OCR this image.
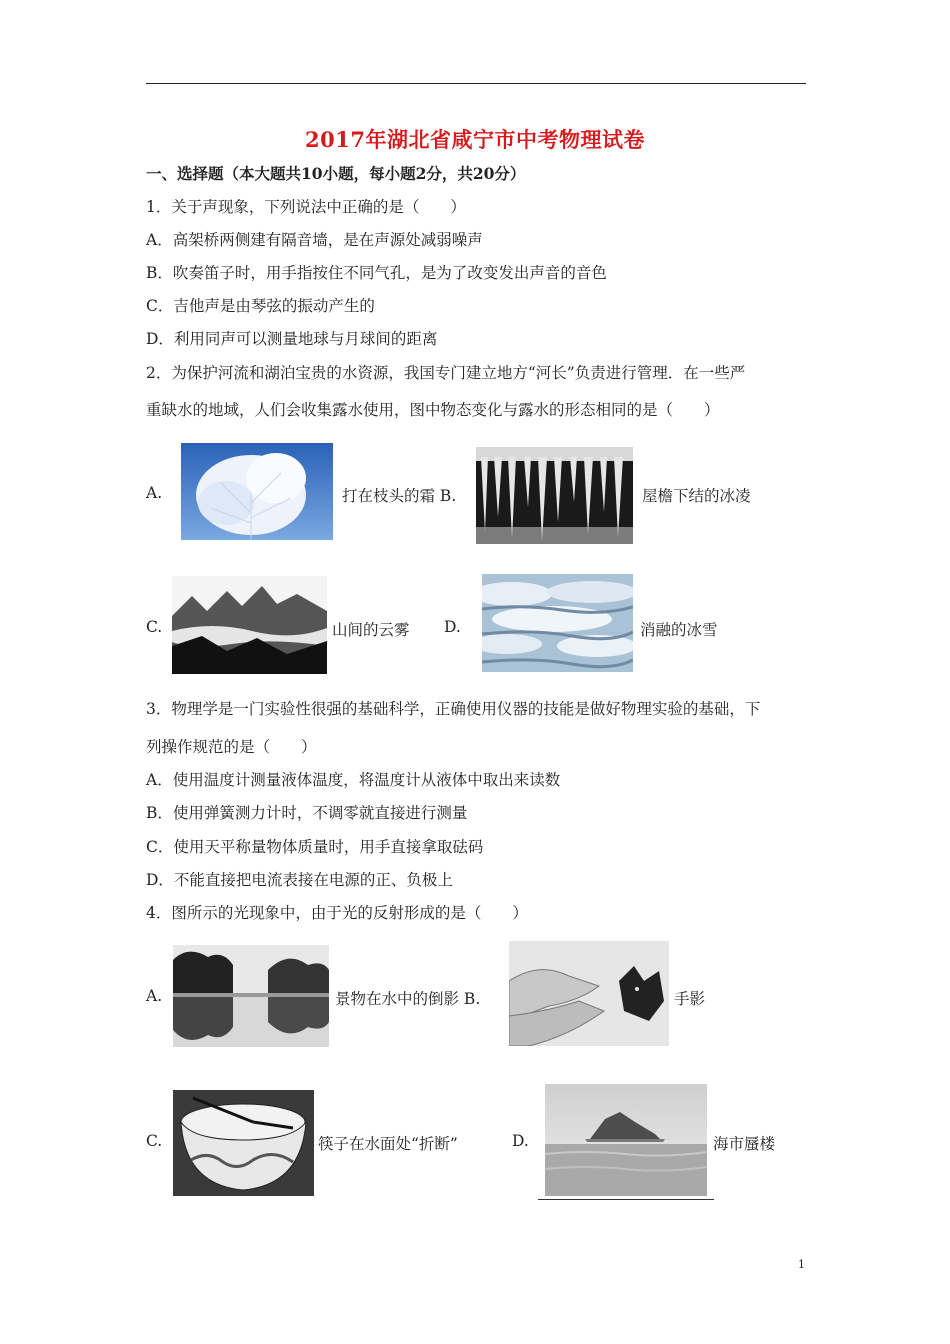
2017年湖北省咸宁市中考物理试卷
一、选择题（本大题共10小题，每小题2分，共20分）
1．关于声现象，下列说法中正确的是（　　）
A．高架桥两侧建有隔音墙，是在声源处减弱噪声
B．吹奏笛子时，用手指按住不同气孔，是为了改变发出声音的音色
C．吉他声是由琴弦的振动产生的
D．利用同声可以测量地球与月球间的距离
2．为保护河流和湖泊宝贵的水资源，我国专门建立地方“河长”负责进行管理．在一些严
重缺水的地域，人们会收集露水使用，图中物态变化与露水的形态相同的是（　　）
A.	打在枝头的霜 B.	屋檐下结的冰凌
C.	山间的云雾 D.	消融的冰雪
3．物理学是一门实验性很强的基础科学，正确使用仪器的技能是做好物理实验的基础，下
列操作规范的是（　　）
A．使用温度计测量液体温度，将温度计从液体中取出来读数
B．使用弹簧测力计时，不调零就直接进行测量
C．使用天平称量物体质量时，用手直接拿取砝码
D．不能直接把电流表接在电源的正、负极上
4．图所示的光现象中，由于光的反射形成的是（　　）
A.	景物在水中的倒影 B.	手影
C.	筷子在水面处“折断”	D.	海市蜃楼
1
